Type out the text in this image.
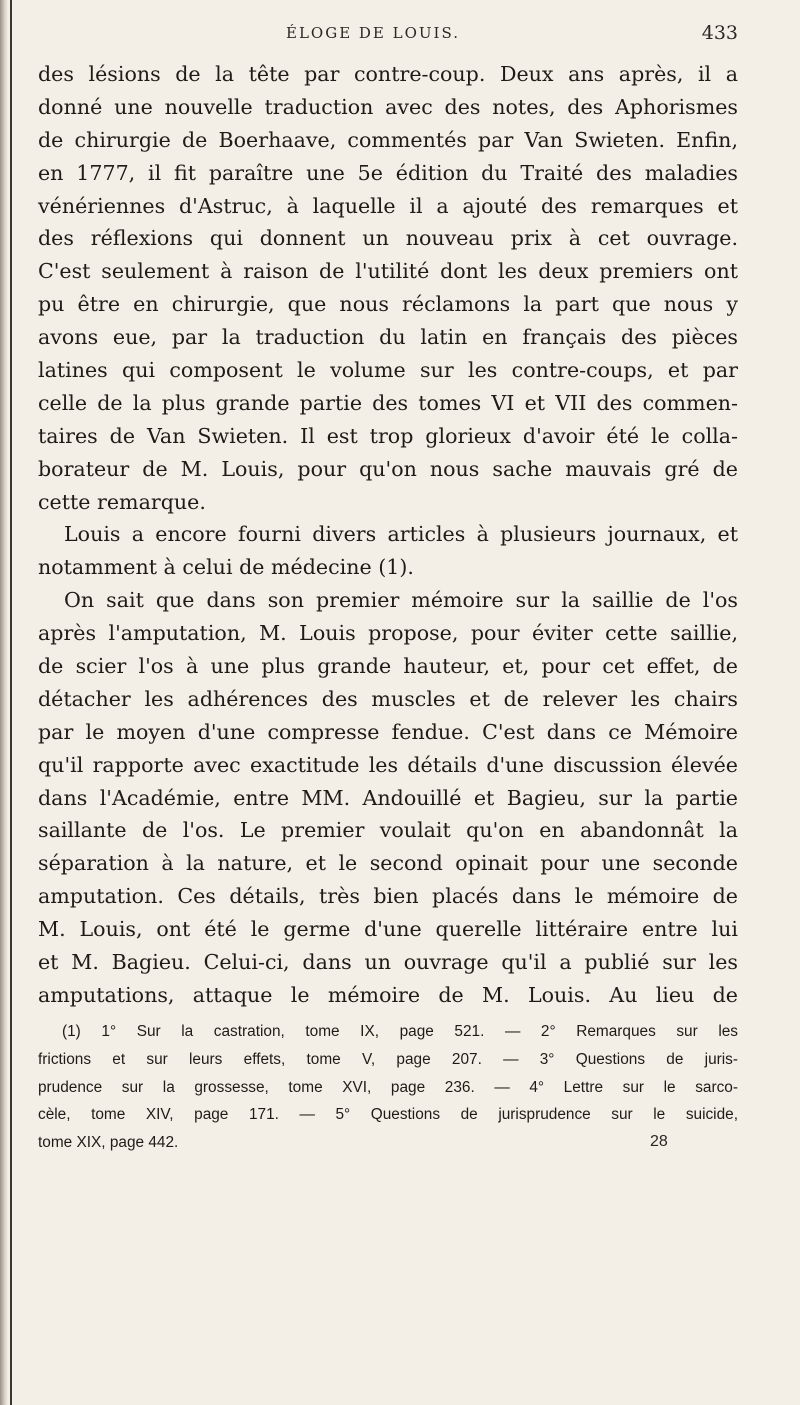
ÉLOGE DE LOUIS.	433
des lésions de la tête par contre-coup. Deux ans après, il a
donné une nouvelle traduction avec des notes, des Aphorismes
de chirurgie de Boerhaave, commentés par Van Swieten. Enfin,
en 1777, il fit paraître une 5e édition du Traité des maladies
vénériennes d'Astruc, à laquelle il a ajouté des remarques et
des réflexions qui donnent un nouveau prix à cet ouvrage.
C'est seulement à raison de l'utilité dont les deux premiers ont
pu être en chirurgie, que nous réclamons la part que nous y
avons eue, par la traduction du latin en français des pièces
latines qui composent le volume sur les contre-coups, et par
celle de la plus grande partie des tomes VI et VII des commen-
taires de Van Swieten. Il est trop glorieux d'avoir été le colla-
borateur de M. Louis, pour qu'on nous sache mauvais gré de
cette remarque.
Louis a encore fourni divers articles à plusieurs journaux, et
notamment à celui de médecine (1).
On sait que dans son premier mémoire sur la saillie de l'os
après l'amputation, M. Louis propose, pour éviter cette saillie,
de scier l'os à une plus grande hauteur, et, pour cet effet, de
détacher les adhérences des muscles et de relever les chairs
par le moyen d'une compresse fendue. C'est dans ce Mémoire
qu'il rapporte avec exactitude les détails d'une discussion élevée
dans l'Académie, entre MM. Andouillé et Bagieu, sur la partie
saillante de l'os. Le premier voulait qu'on en abandonnât la
séparation à la nature, et le second opinait pour une seconde
amputation. Ces détails, très bien placés dans le mémoire de
M. Louis, ont été le germe d'une querelle littéraire entre lui
et M. Bagieu. Celui-ci, dans un ouvrage qu'il a publié sur les
amputations, attaque le mémoire de M. Louis. Au lieu de
(1) 1° Sur la castration, tome IX, page 521. — 2° Remarques sur les
frictions et sur leurs effets, tome V, page 207. — 3° Questions de juris-
prudence sur la grossesse, tome XVI, page 236. — 4° Lettre sur le sarco-
cèle, tome XIV, page 171. — 5° Questions de jurisprudence sur le suicide,
tome XIX, page 442.	28
